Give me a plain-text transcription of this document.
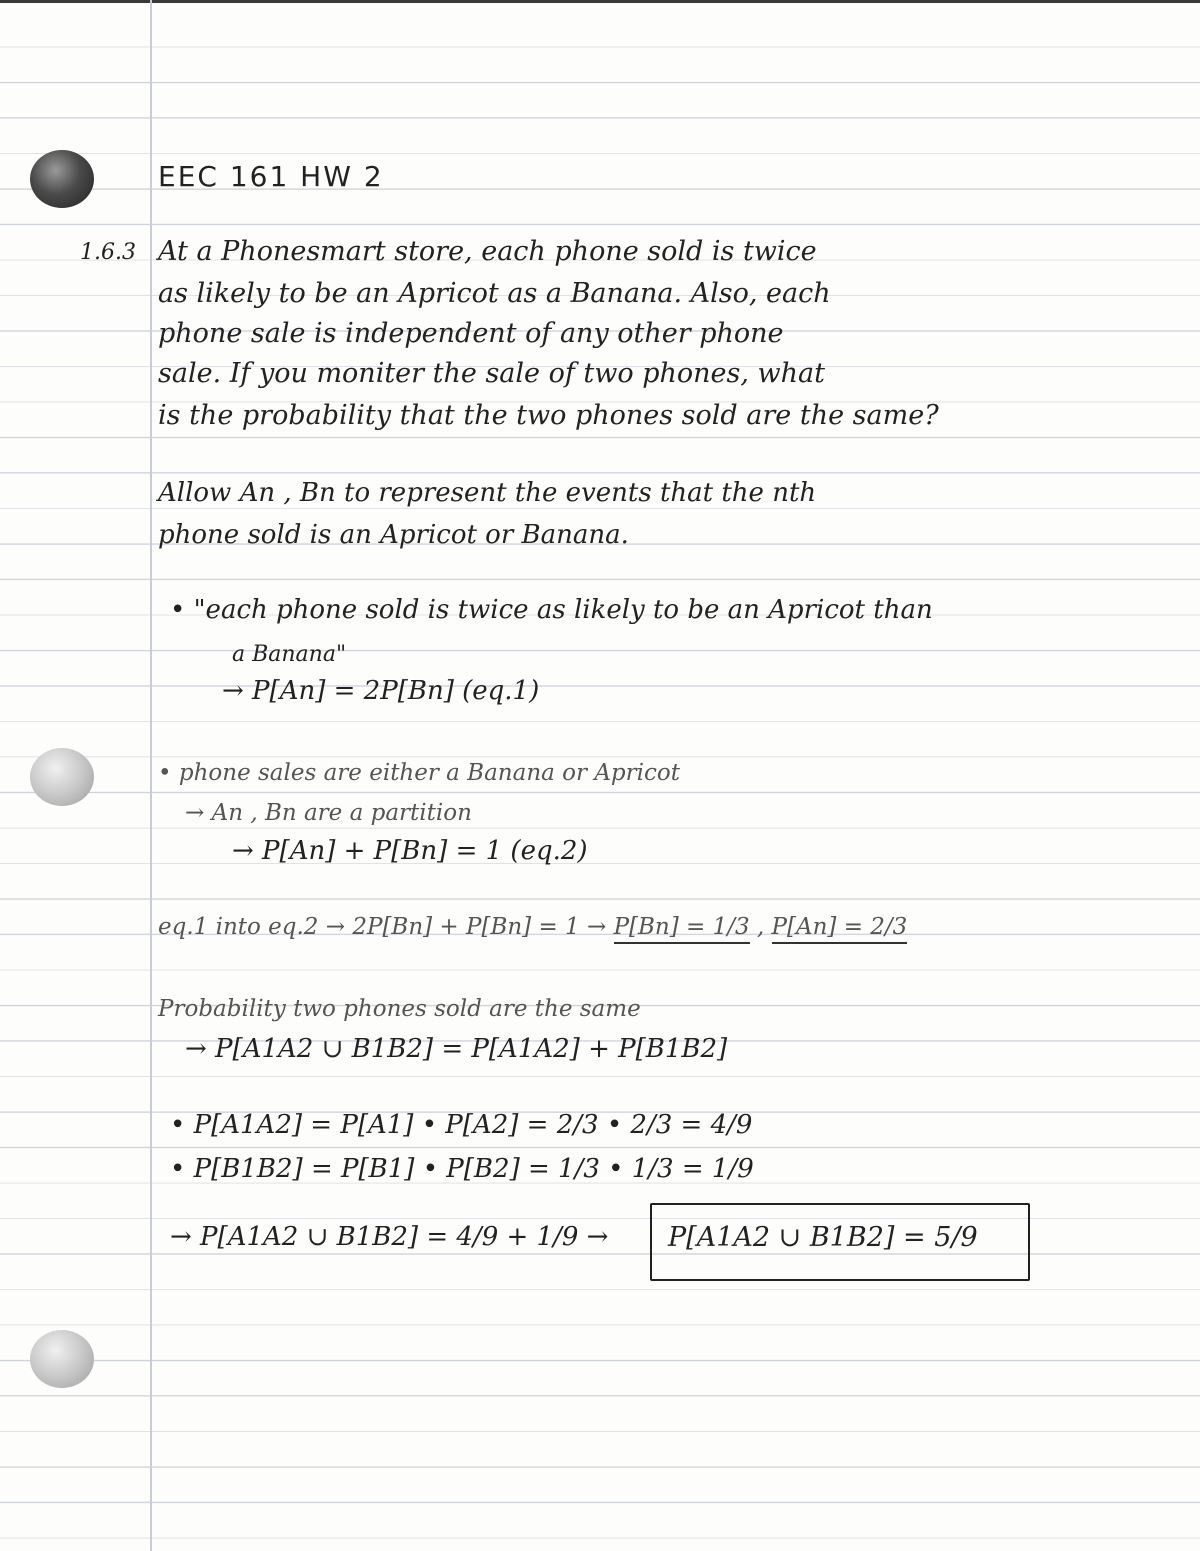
EEC 161 HW 2
1.6.3 At a Phonesmart store, each phone sold is twice
as likely to be an Apricot as a Banana. Also, each
phone sale is independent of any other phone
sale. If you moniter the sale of two phones, what
is the probability that the two phones sold are the same?
Allow An , Bn to represent the events that the nth
phone sold is an Apricot or Banana.
• "each phone sold is twice as likely to be an Apricot than
a Banana"
→ P[An] = 2P[Bn] (eq.1)
• phone sales are either a Banana or Apricot
→ An , Bn are a partition
→ P[An] + P[Bn] = 1 (eq.2)
eq.1 into eq.2 → 2P[Bn] + P[Bn] = 1 → P[Bn] = 1/3 , P[An] = 2/3
Probability two phones sold are the same
→ P[A1A2 ∪ B1B2] = P[A1A2] + P[B1B2]
• P[A1A2] = P[A1] • P[A2] = 2/3 • 2/3 = 4/9
• P[B1B2] = P[B1] • P[B2] = 1/3 • 1/3 = 1/9
→ P[A1A2 ∪ B1B2] = 4/9 + 1/9 → P[A1A2 ∪ B1B2] = 5/9
